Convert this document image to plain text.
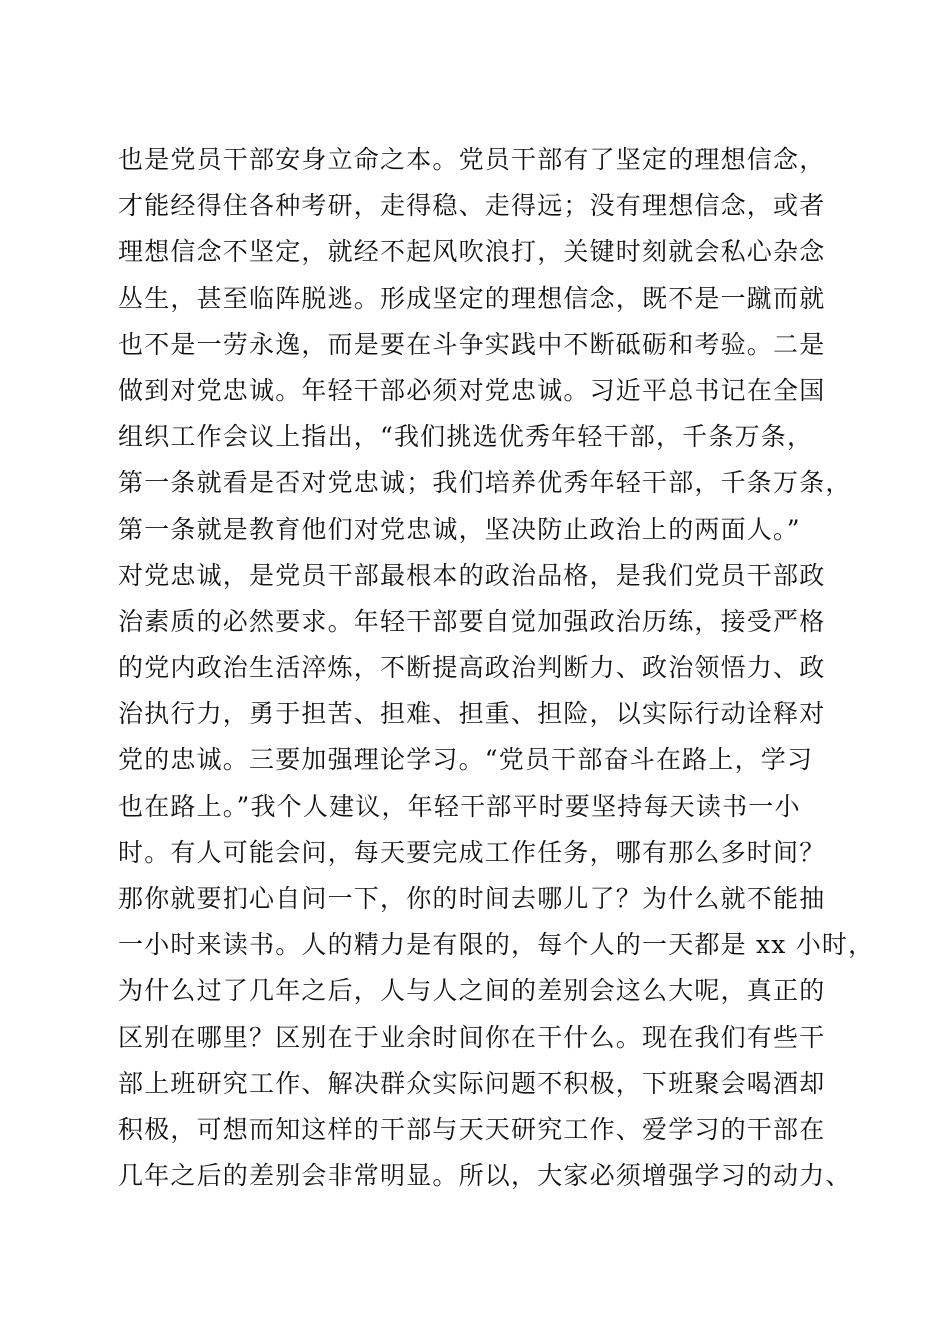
也是党员干部安身立命之本。党员干部有了坚定的理想信念，
才能经得住各种考研，走得稳、走得远；没有理想信念，或者
理想信念不坚定，就经不起风吹浪打，关键时刻就会私心杂念
丛生，甚至临阵脱逃。形成坚定的理想信念，既不是一蹴而就
也不是一劳永逸，而是要在斗争实践中不断砥砺和考验。二是
做到对党忠诚。年轻干部必须对党忠诚。习近平总书记在全国
组织工作会议上指出，“我们挑选优秀年轻干部，千条万条，
第一条就看是否对党忠诚；我们培养优秀年轻干部，千条万条，
第一条就是教育他们对党忠诚，坚决防止政治上的两面人。”
对党忠诚，是党员干部最根本的政治品格，是我们党员干部政
治素质的必然要求。年轻干部要自觉加强政治历练，接受严格
的党内政治生活淬炼，不断提高政治判断力、政治领悟力、政
治执行力，勇于担苦、担难、担重、担险，以实际行动诠释对
党的忠诚。三要加强理论学习。“党员干部奋斗在路上，学习
也在路上。”我个人建议，年轻干部平时要坚持每天读书一小
时。有人可能会问，每天要完成工作任务，哪有那么多时间？
那你就要扪心自问一下，你的时间去哪儿了？为什么就不能抽
一小时来读书。人的精力是有限的，每个人的一天都是 xx 小时，
为什么过了几年之后，人与人之间的差别会这么大呢，真正的
区别在哪里？区别在于业余时间你在干什么。现在我们有些干
部上班研究工作、解决群众实际问题不积极，下班聚会喝酒却
积极，可想而知这样的干部与天天研究工作、爱学习的干部在
几年之后的差别会非常明显。所以，大家必须增强学习的动力、
